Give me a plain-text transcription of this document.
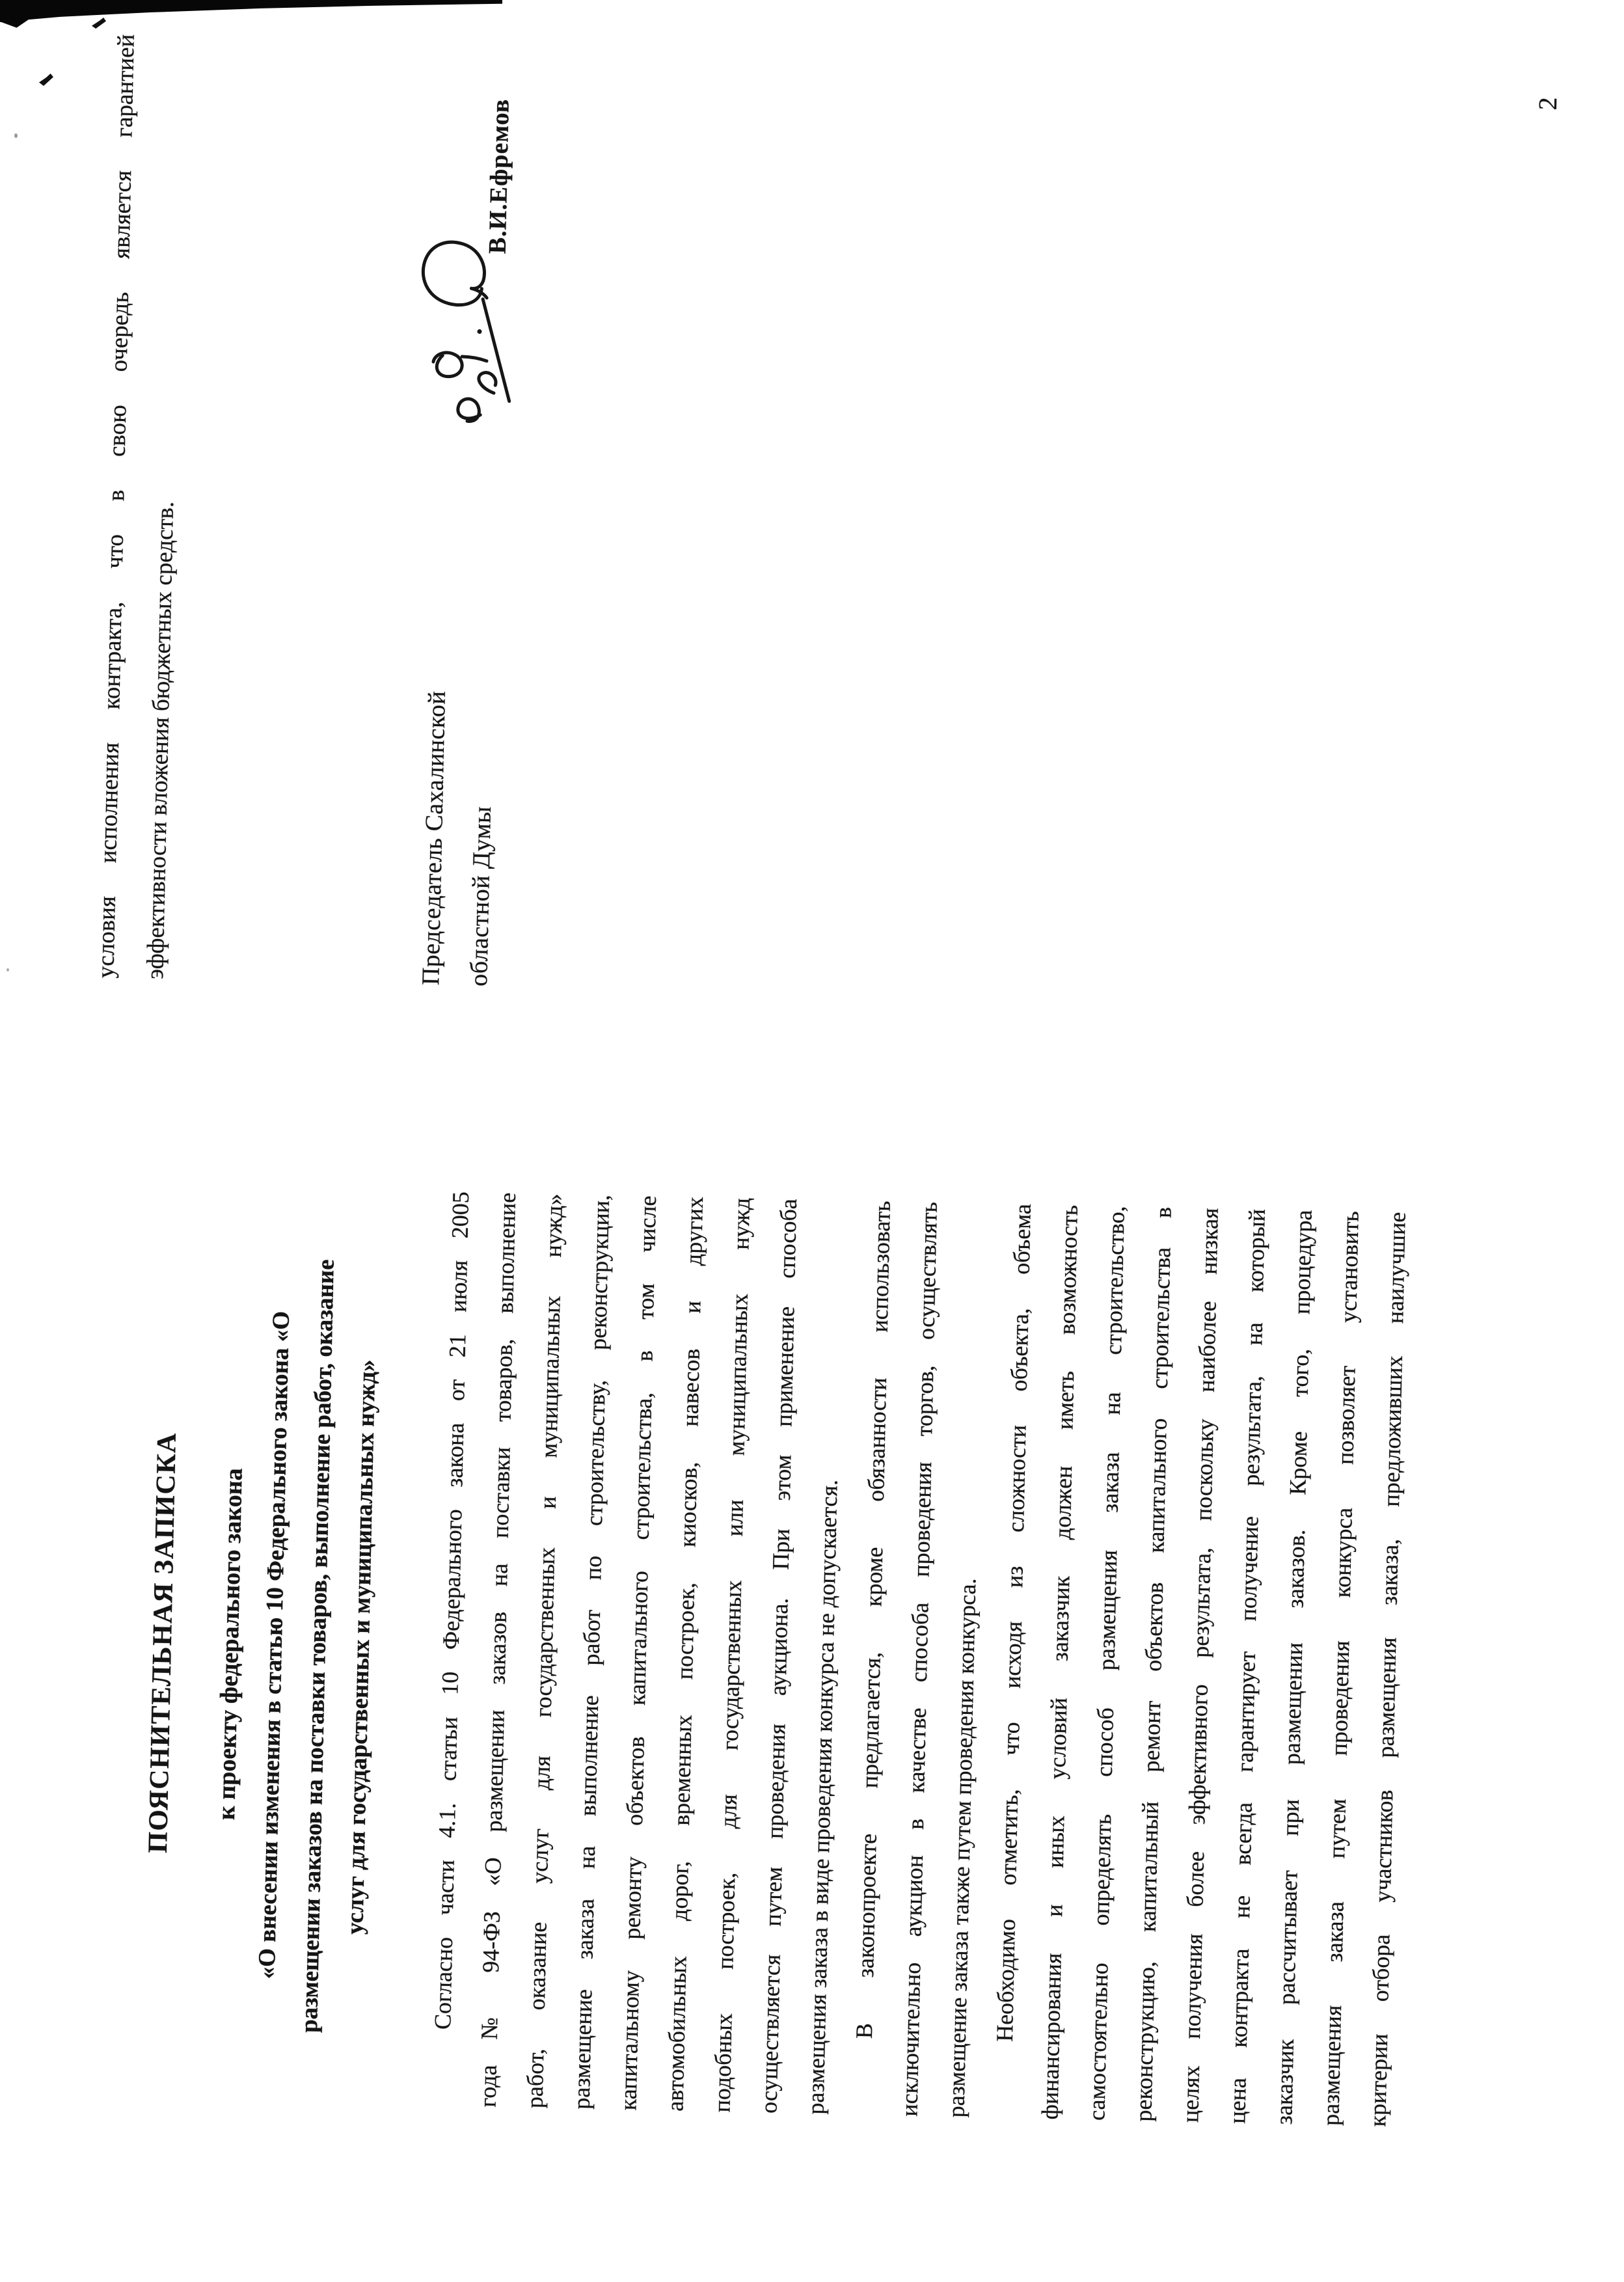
ПОЯСНИТЕЛЬНАЯ ЗАПИСКА	к проекту федерального закона «О внесении изменения в статью 10 Федерального закона «О размещении заказов на поставки товаров, выполнение работ, оказание услуг для государственных и муниципальных нужд»	Согласно части 4.1. статьи 10 Федерального закона от 21 июля 2005 года № 94-ФЗ «О размещении заказов на поставки товаров, выполнение работ, оказание услуг для государственных и муниципальных нужд» размещение заказа на выполнение работ по строительству, реконструкции, капитальному ремонту объектов капитального строительства, в том числе автомобильных дорог, временных построек, киосков, навесов и других подобных построек, для государственных или муниципальных нужд осуществляется путем проведения аукциона. При этом применение способа размещения заказа в виде проведения конкурса не допускается. В законопроекте предлагается, кроме обязанности использовать исключительно аукцион в качестве способа проведения торгов, осуществлять размещение заказа также путем проведения конкурса. Необходимо отметить, что исходя из сложности объекта, объема финансирования и иных условий заказчик должен иметь возможность самостоятельно определять способ размещения заказа на строительство, реконструкцию, капитальный ремонт объектов капитального строительства в целях получения более эффективного результата, поскольку наиболее низкая цена контракта не всегда гарантирует получение результата, на который заказчик рассчитывает при размещении заказов. Кроме того, процедура размещения заказа путем проведения конкурса позволяет установить критерии отбора участников размещения заказа, предложивших наилучшие
условия исполнения контракта, что в свою очередь является гарантией эффективности вложения бюджетных средств.	Председатель Сахалинской областной Думы
В.И.Ефремов	2
